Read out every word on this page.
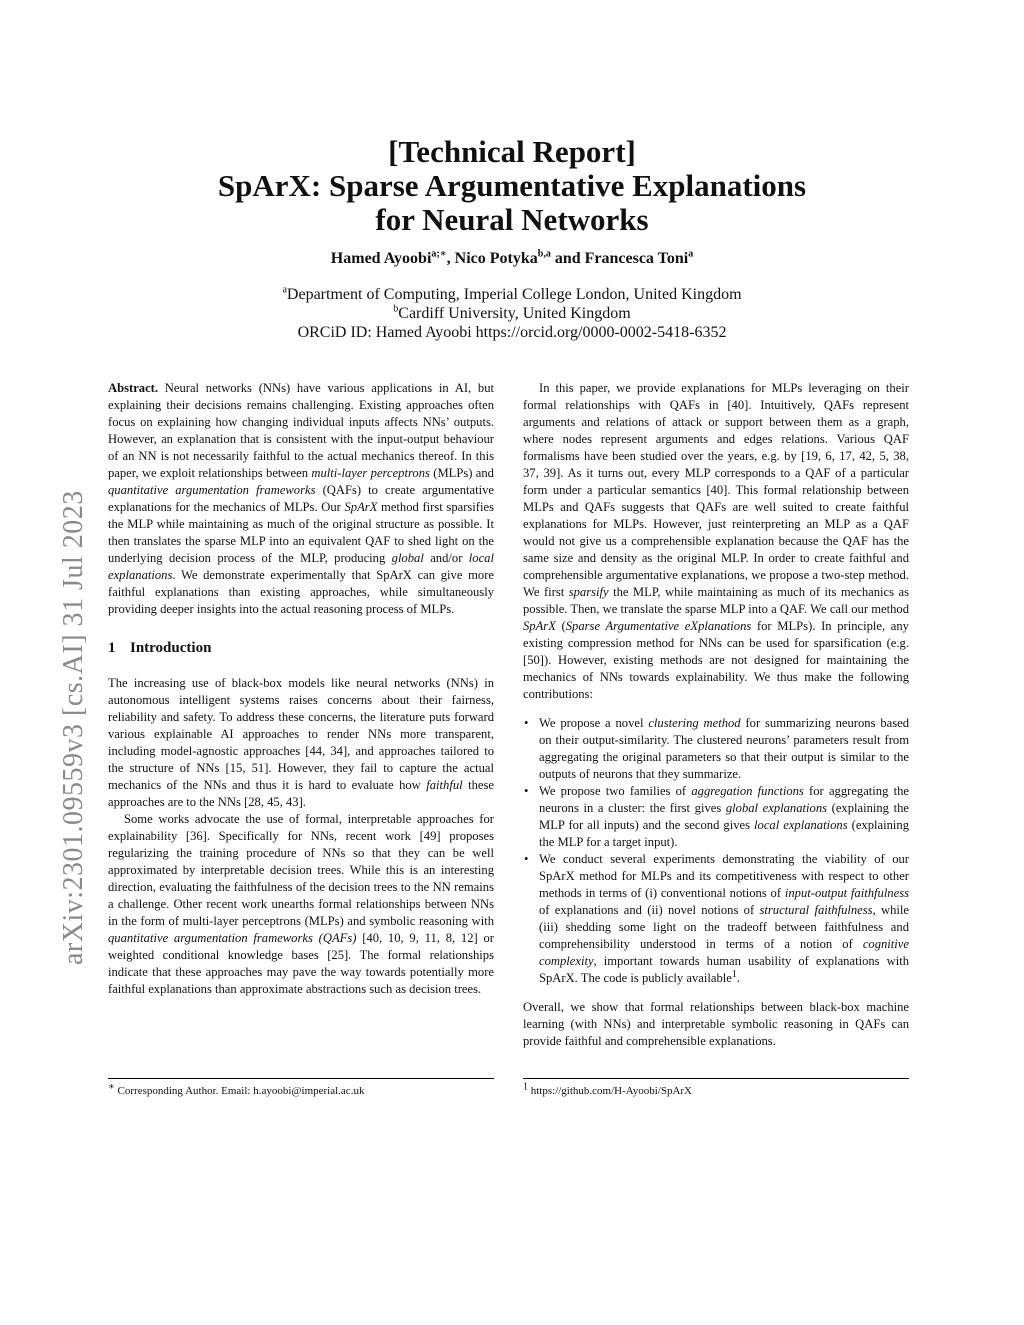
[Technical Report]
SpArX: Sparse Argumentative Explanations
for Neural Networks
Hamed Ayoobi$^{a;∗}$, Nico Potyka$^{b,a}$ and Francesca Toni$^a$
$^a$Department of Computing, Imperial College London, United Kingdom
$^b$Cardiff University, United Kingdom
ORCiD ID: Hamed Ayoobi https://orcid.org/0000-0002-5418-6352
arXiv:2301.09559v3 [cs.AI] 31 Jul 2023

Abstract. Neural networks (NNs) have various applications in AI, but explaining their decisions remains challenging. Existing approaches often focus on explaining how changing individual inputs affects NNs’ outputs. However, an explanation that is consistent with the input-output behaviour of an NN is not necessarily faithful to the actual mechanics thereof. In this paper, we exploit relationships between multi-layer perceptrons (MLPs) and quantitative argumentation frameworks (QAFs) to create argumentative explanations for the mechanics of MLPs. Our SpArX method first sparsifies the MLP while maintaining as much of the original structure as possible. It then translates the sparse MLP into an equivalent QAF to shed light on the underlying decision process of the MLP, producing global and/or local explanations. We demonstrate experimentally that SpArX can give more faithful explanations than existing approaches, while simultaneously providing deeper insights into the actual reasoning process of MLPs.

1 Introduction

The increasing use of black-box models like neural networks (NNs) in autonomous intelligent systems raises concerns about their fairness, reliability and safety. To address these concerns, the literature puts forward various explainable AI approaches to render NNs more transparent, including model-agnostic approaches [44, 34], and approaches tailored to the structure of NNs [15, 51]. However, they fail to capture the actual mechanics of the NNs and thus it is hard to evaluate how faithful these approaches are to the NNs [28, 45, 43].

Some works advocate the use of formal, interpretable approaches for explainability [36]. Specifically for NNs, recent work [49] proposes regularizing the training procedure of NNs so that they can be well approximated by interpretable decision trees. While this is an interesting direction, evaluating the faithfulness of the decision trees to the NN remains a challenge. Other recent work unearths formal relationships between NNs in the form of multi-layer perceptrons (MLPs) and symbolic reasoning with quantitative argumentation frameworks (QAFs) [40, 10, 9, 11, 8, 12] or weighted conditional knowledge bases [25]. The formal relationships indicate that these approaches may pave the way towards potentially more faithful explanations than approximate abstractions such as decision trees.

In this paper, we provide explanations for MLPs leveraging on their formal relationships with QAFs in [40]. Intuitively, QAFs represent arguments and relations of attack or support between them as a graph, where nodes represent arguments and edges relations. Various QAF formalisms have been studied over the years, e.g. by [19, 6, 17, 42, 5, 38, 37, 39]. As it turns out, every MLP corresponds to a QAF of a particular form under a particular semantics [40]. This formal relationship between MLPs and QAFs suggests that QAFs are well suited to create faithful explanations for MLPs. However, just reinterpreting an MLP as a QAF would not give us a comprehensible explanation because the QAF has the same size and density as the original MLP. In order to create faithful and comprehensible argumentative explanations, we propose a two-step method. We first sparsify the MLP, while maintaining as much of its mechanics as possible. Then, we translate the sparse MLP into a QAF. We call our method SpArX (Sparse Argumentative eXplanations for MLPs). In principle, any existing compression method for NNs can be used for sparsification (e.g. [50]). However, existing methods are not designed for maintaining the mechanics of NNs towards explainability. We thus make the following contributions:

• We propose a novel clustering method for summarizing neurons based on their output-similarity. The clustered neurons’ parameters result from aggregating the original parameters so that their output is similar to the outputs of neurons that they summarize.
• We propose two families of aggregation functions for aggregating the neurons in a cluster: the first gives global explanations (explaining the MLP for all inputs) and the second gives local explanations (explaining the MLP for a target input).
• We conduct several experiments demonstrating the viability of our SpArX method for MLPs and its competitiveness with respect to other methods in terms of (i) conventional notions of input-output faithfulness of explanations and (ii) novel notions of structural faithfulness, while (iii) shedding some light on the tradeoff between faithfulness and comprehensibility understood in terms of a notion of cognitive complexity, important towards human usability of explanations with SpArX. The code is publicly available$^1$.

Overall, we show that formal relationships between black-box machine learning (with NNs) and interpretable symbolic reasoning in QAFs can provide faithful and comprehensible explanations.

∗ Corresponding Author. Email: h.ayoobi@imperial.ac.uk	$^1$ https://github.com/H-Ayoobi/SpArX
